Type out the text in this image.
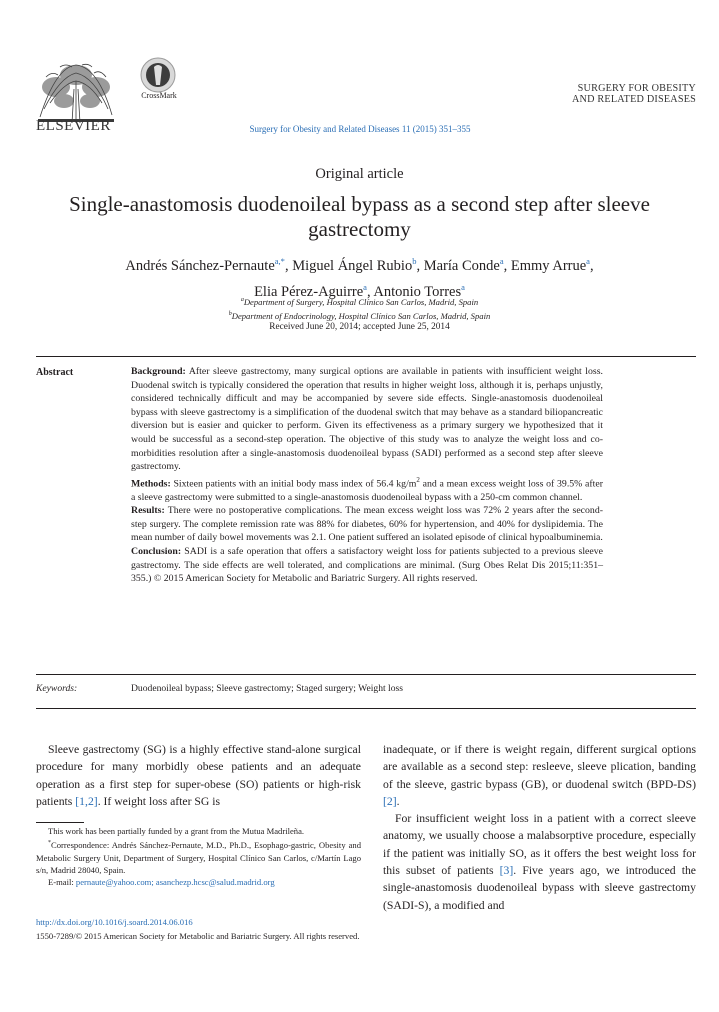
ELSEVIER
CrossMark
Surgery for Obesity and Related Diseases 11 (2015) 351–355
SURGERY FOR OBESITY
AND RELATED DISEASES
Original article
Single-anastomosis duodenoileal bypass as a second step after sleeve gastrectomy
Andrés Sánchez-Pernaute$^{a,*}$, Miguel Ángel Rubio$^b$, María Conde$^a$, Emmy Arrue$^a$,
Elia Pérez-Aguirre$^a$, Antonio Torres$^a$
$^a$Department of Surgery, Hospital Clínico San Carlos, Madrid, Spain
$^b$Department of Endocrinology, Hospital Clínico San Carlos, Madrid, Spain
Received June 20, 2014; accepted June 25, 2014
Abstract	Background: After sleeve gastrectomy, many surgical options are available in patients with insufficient weight loss. Duodenal switch is typically considered the operation that results in higher weight loss, although it is, perhaps unjustly, considered technically difficult and may be accompanied by severe side effects. Single-anastomosis duodenoileal bypass with sleeve gastrectomy is a simplification of the duodenal switch that may behave as a standard biliopancreatic diversion but is easier and quicker to perform. Given its effectiveness as a primary surgery we hypothesized that it would be successful as a second-step operation. The objective of this study was to analyze the weight loss and co-morbidities resolution after a single-anastomosis duodenoileal bypass (SADI) performed as a second step after sleeve gastrectomy.

Methods: Sixteen patients with an initial body mass index of 56.4 $kg/m^2$ and a mean excess weight loss of 39.5% after a sleeve gastrectomy were submitted to a single-anastomosis duodenoileal bypass with a 250-cm common channel.

Results: There were no postoperative complications. The mean excess weight loss was 72% 2 years after the second-step surgery. The complete remission rate was 88% for diabetes, 60% for hypertension, and 40% for dyslipidemia. The mean number of daily bowel movements was 2.1. One patient suffered an isolated episode of clinical hypoalbuminemia.

Conclusion: SADI is a safe operation that offers a satisfactory weight loss for patients subjected to a previous sleeve gastrectomy. The side effects are well tolerated, and complications are minimal. (Surg Obes Relat Dis 2015;11:351–355.) © 2015 American Society for Metabolic and Bariatric Surgery. All rights reserved.

Keywords:	Duodenoileal bypass; Sleeve gastrectomy; Staged surgery; Weight loss

Sleeve gastrectomy (SG) is a highly effective stand-alone surgical procedure for many morbidly obese patients and an adequate operation as a first step for super-obese (SO) patients or high-risk patients [1,2]. If weight loss after SG is

inadequate, or if there is weight regain, different surgical options are available as a second step: resleeve, sleeve plication, banding of the sleeve, gastric bypass (GB), or duodenal switch (BPD-DS) [2].

For insufficient weight loss in a patient with a correct sleeve anatomy, we usually choose a malabsorptive procedure, especially if the patient was initially SO, as it offers the best weight loss for this subset of patients [3]. Five years ago, we introduced the single-anastomosis duodenoileal bypass with sleeve gastrectomy (SADI-S), a modified and

This work has been partially funded by a grant from the Mutua Madrileña.

*Correspondence: Andrés Sánchez-Pernaute, M.D., Ph.D., Esophago-gastric, Obesity and Metabolic Surgery Unit, Department of Surgery, Hospital Clínico San Carlos, c/Martín Lago s/n, Madrid 28040, Spain.

E-mail: pernaute@yahoo.com; asanchezp.hcsc@salud.madrid.org

http://dx.doi.org/10.1016/j.soard.2014.06.016
1550-7289/© 2015 American Society for Metabolic and Bariatric Surgery. All rights reserved.
